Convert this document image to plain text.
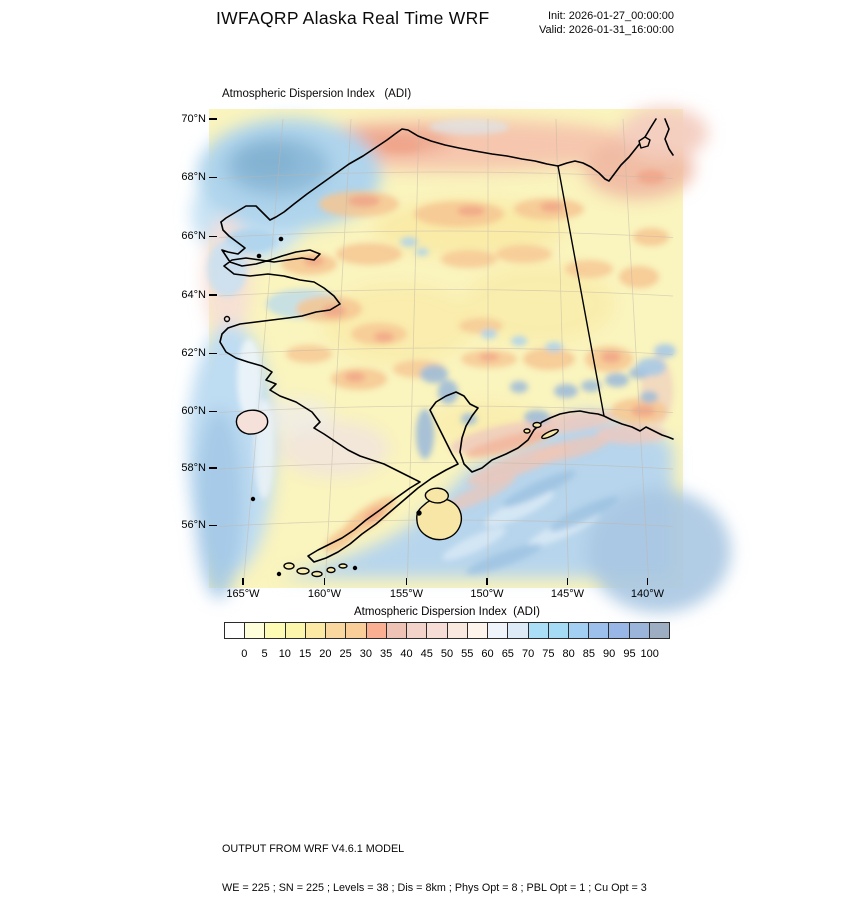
IWFAQRP Alaska Real Time WRF	Init: 2026-01-27_00:00:00
Valid: 2026-01-31_16:00:00
Atmospheric Dispersion Index   (ADI)
Atmospheric Dispersion Index  (ADI)

OUTPUT FROM WRF V4.6.1 MODEL

WE = 225 ; SN = 225 ; Levels = 38 ; Dis = 8km ; Phys Opt = 8 ; PBL Opt = 1 ; Cu Opt = 3

70°N
68°N
66°N
64°N
62°N
60°N
58°N
56°N
165°W	160°W	155°W	150°W	145°W	140°W
0 5 10 15 20 25 30 35 40 45 50 55 60 65 70 75 80 85 90 95 100
